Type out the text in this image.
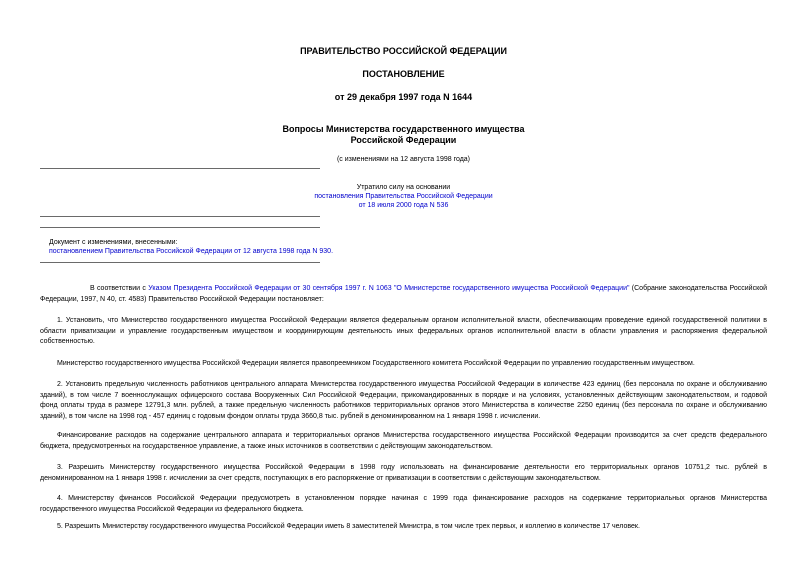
ПРАВИТЕЛЬСТВО РОССИЙСКОЙ ФЕДЕРАЦИИ
ПОСТАНОВЛЕНИЕ
от 29 декабря 1997 года N 1644
Вопросы Министерства государственного имущества
Российской Федерации
(с изменениями на 12 августа 1998 года)
Утратило силу на основании
постановления Правительства Российской Федерации
от 18 июля 2000 года N 536
Документ с изменениями, внесенными:
постановлением Правительства Российской Федерации от 12 августа 1998 года N 930.
В соответствии с Указом Президента Российской Федерации от 30 сентября 1997 г. N 1063 "О Министерстве государственного имущества Российской Федерации" (Собрание законодательства Российской
Федерации, 1997, N 40, ст. 4583) Правительство Российской Федерации постановляет:
1. Установить, что Министерство государственного имущества Российской Федерации является федеральным органом исполнительной власти, обеспечивающим проведение единой государственной политики в
области приватизации и управление государственным имуществом и координирующим деятельность иных федеральных органов исполнительной власти в области управления и распоряжения федеральной
собственностью.
Министерство государственного имущества Российской Федерации является правопреемником Государственного комитета Российской Федерации по управлению государственным имуществом.
2. Установить предельную численность работников центрального аппарата Министерства государственного имущества Российской Федерации в количестве 423 единиц (без персонала по охране и обслуживанию
зданий), в том числе 7 военнослужащих офицерского состава Вооруженных Сил Российской Федерации, прикомандированных в порядке и на условиях, установленных действующим законодательством, и годовой
фонд оплаты труда в размере 12791,3 млн. рублей, а также предельную численность работников территориальных органов этого Министерства в количестве 2250 единиц (без персонала по охране и обслуживанию
зданий), в том числе на 1998 год - 457 единиц с годовым фондом оплаты труда 3660,8 тыс. рублей в деноминированном на 1 января 1998 г. исчислении.
Финансирование расходов на содержание центрального аппарата и территориальных органов Министерства государственного имущества Российской Федерации производится за счет средств федерального
бюджета, предусмотренных на государственное управление, а также иных источников в соответствии с действующим законодательством.
3. Разрешить Министерству государственного имущества Российской Федерации в 1998 году использовать на финансирование деятельности его территориальных органов 10751,2 тыс. рублей в
деноминированном на 1 января 1998 г. исчислении за счет средств, поступающих в его распоряжение от приватизации в соответствии с действующим законодательством.
4. Министерству финансов Российской Федерации предусмотреть в установленном порядке начиная с 1999 года финансирование расходов на содержание территориальных органов Министерства
государственного имущества Российской Федерации из федерального бюджета.
5. Разрешить Министерству государственного имущества Российской Федерации иметь 8 заместителей Министра, в том числе трех первых, и коллегию в количестве 17 человек.
